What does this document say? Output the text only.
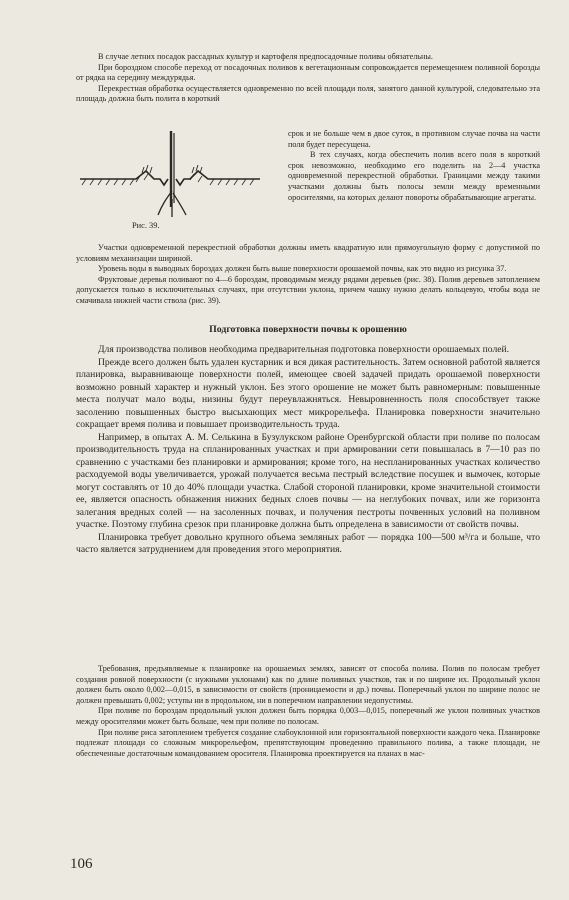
В случае летних посадок рассадных культур и картофеля предпосадочные поливы обязательны.

При бороздном способе переход от посадочных поливов к вегетационным сопровождается перемещением поливной борозды от рядка на середину междурядья.

Перекрестная обработка осуществляется одновременно по всей площади поля, занятого данной культурой, следовательно эта площадь должна быть полита в короткий

Рис. 39.

срок и не больше чем в двое суток, в противном случае почва на части поля будет пересущена.

В тех случаях, когда обеспечить полив всего поля в короткий срок невозможно, необходимо его поделить на 2—4 участка одновременной перекрестной обработки. Границами между такими участками должны быть полосы земли между временными оросителями, на которых делают повороты обрабатывающие агрегаты.

Участки одновременной перекрестной обработки должны иметь квадратную или прямоугольную форму с допустимой по условиям механизации шириной.

Уровень воды в выводных бороздах должен быть выше поверхности орошаемой почвы, как это видно из рисунка 37.

Фруктовые деревья поливают по 4—6 бороздам, проводимым между рядами деревьев (рис. 38). Полив деревьев затоплением допускается только в исключительных случаях, при отсутствии уклона, причем чашку нужно делать кольцевую, чтобы вода не смачивала нижней части ствола (рис. 39).

Подготовка поверхности почвы к орошению

Для производства поливов необходима предварительная подготовка поверхности орошаемых полей.

Прежде всего должен быть удален кустарник и вся дикая растительность. Затем основной работой является планировка, выравнивающе поверхности полей, имеющее своей задачей придать орошаемой поверхности возможно ровный характер и нужный уклон. Без этого орошение не может быть равномерным: повышенные места получат мало воды, низины будут переувлажняться. Невыровненность поля способствует также засолению повышенных быстро высыхающих мест микрорельефа. Планировка поверхности значительно сокращает время полива и повышает производительность труда.

Например, в опытах А. М. Селькина в Бузулукском районе Оренбургской области при поливе по полосам производительность труда на спланированных участках и при армировании сети повышалась в 7—10 раз по сравнению с участками без планировки и армирования; кроме того, на неспланированных участках количество расходуемой воды увеличивается, урожай получается весьма пестрый вследствие посушек и вымочек, которые могут составлять от 10 до 40% площади участка. Слабой стороной планировки, кроме значительной стоимости ее, является опасность обнажения нижних бедных слоев почвы — на неглубоких почвах, или же горизонта залегания вредных солей — на засоленных почвах, и получения пестроты почвенных условий на поливном участке. Поэтому глубина срезок при планировке должна быть определена в зависимости от свойств почвы.

Планировка требует довольно крупного объема земляных работ — порядка 100—500 м³/га и больше, что часто является затруднением для проведения этого мероприятия.

Требования, предъявляемые к планировке на орошаемых землях, зависят от способа полива. Полив по полосам требует создания ровной поверхности (с нужными уклонами) как по длине поливных участков, так и по ширине их. Продольный уклон должен быть около 0,002—0,015, в зависимости от свойств (проницаемости и др.) почвы. Поперечный уклон по ширине полос не должен превышать 0,002; уступы ни в продольном, ни в поперечном направлении недопустимы.

При поливе по бороздам продольный уклон должен быть порядка 0,003—0,015, поперечный же уклон поливных участков между оросителями может быть больше, чем при поливе по полосам.

При поливе риса затоплением требуется создание слабоуклонной или горизонтальной поверхности каждого чека. Планировке подлежат площади со сложным микрорельефом, препятствующим проведению правильного полива, а также площади, не обеспеченные достаточным командованием оросителя. Планировка проектируется на планах в мас-

106
